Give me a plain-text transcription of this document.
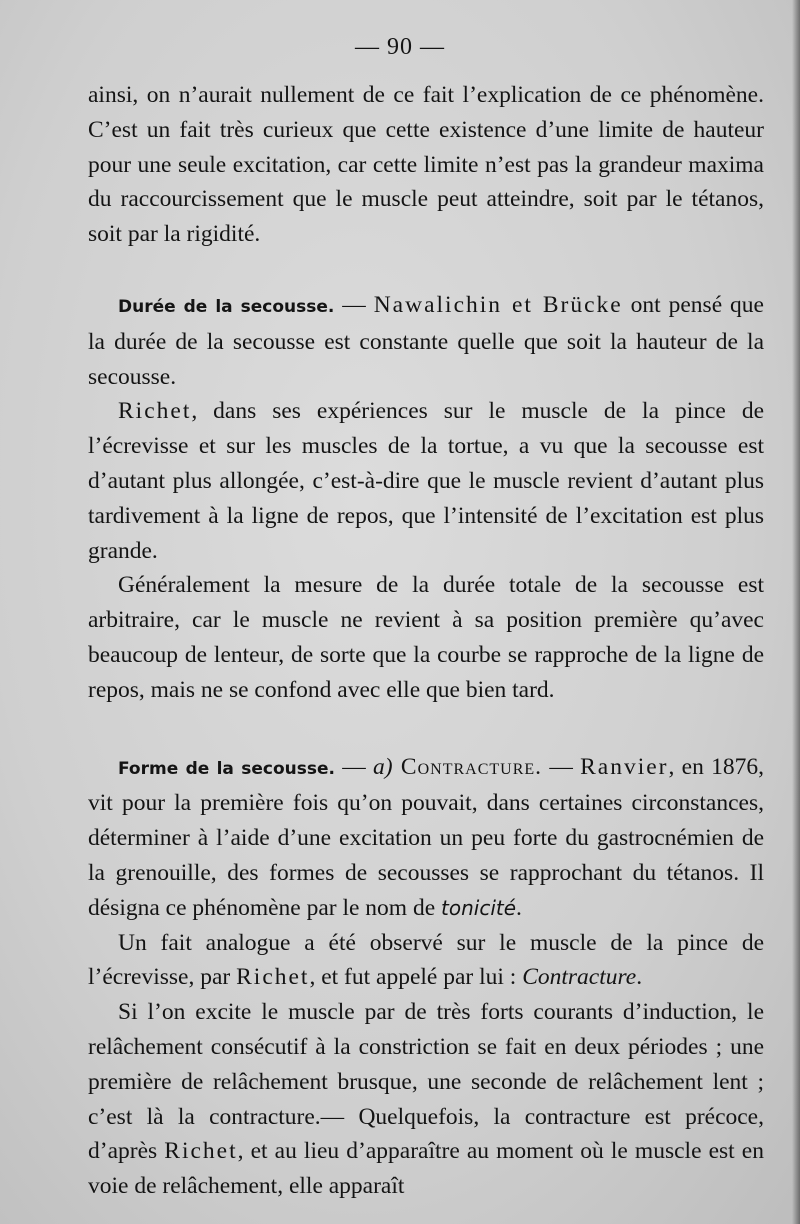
— 90 —

ainsi, on n’aurait nullement de ce fait l’explication de ce phénomène. C’est un fait très curieux que cette existence d’une limite de hauteur pour une seule excitation, car cette limite n’est pas la grandeur maxima du raccourcissement que le muscle peut atteindre, soit par le tétanos, soit par la rigidité.

Durée de la secousse. — Nawalichin et Brücke ont pensé que la durée de la secousse est constante quelle que soit la hauteur de la secousse.

Richet, dans ses expériences sur le muscle de la pince de l’écrevisse et sur les muscles de la tortue, a vu que la secousse est d’autant plus allongée, c’est-à-dire que le muscle revient d’autant plus tardivement à la ligne de repos, que l’intensité de l’excitation est plus grande.

Généralement la mesure de la durée totale de la secousse est arbitraire, car le muscle ne revient à sa position première qu’avec beaucoup de lenteur, de sorte que la courbe se rapproche de la ligne de repos, mais ne se confond avec elle que bien tard.

Forme de la secousse. — a) Contracture. — Ranvier, en 1876, vit pour la première fois qu’on pouvait, dans certaines circonstances, déterminer à l’aide d’une excitation un peu forte du gastrocnémien de la grenouille, des formes de secousses se rapprochant du tétanos. Il désigna ce phénomène par le nom de tonicité.

Un fait analogue a été observé sur le muscle de la pince de l’écrevisse, par Richet, et fut appelé par lui : Contracture.

Si l’on excite le muscle par de très forts courants d’induction, le relâchement consécutif à la constriction se fait en deux périodes ; une première de relâchement brusque, une seconde de relâchement lent ; c’est là la contracture.— Quelquefois, la contracture est précoce, d’après Richet, et au lieu d’apparaître au moment où le muscle est en voie de relâchement, elle apparaît
